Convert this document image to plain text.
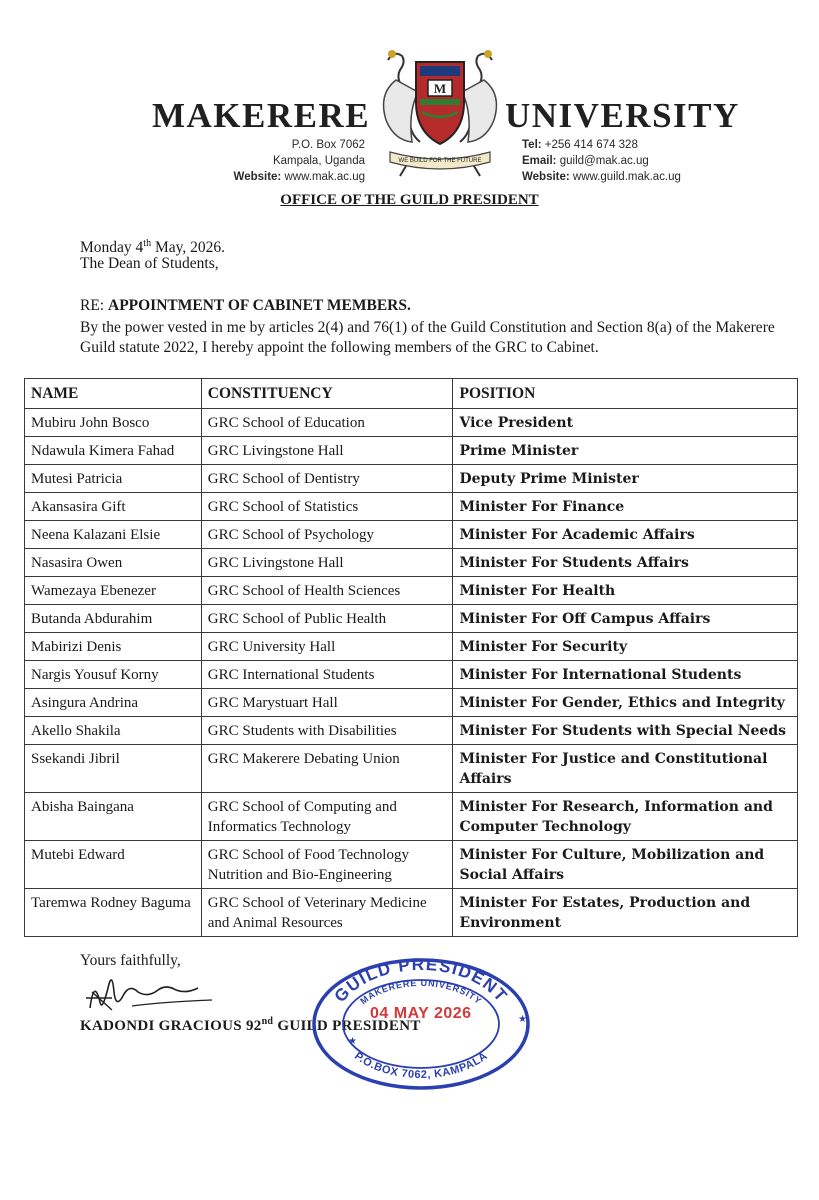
MAKERERE	UNIVERSITY
M
WE BUILD FOR THE FUTURE
P.O. Box 7062
Kampala, Uganda
Website: www.mak.ac.ug
Tel: +256 414 674 328
Email: guild@mak.ac.ug
Website: www.guild.mak.ac.ug
OFFICE OF THE GUILD PRESIDENT
Monday 4th May, 2026.
The Dean of Students,
RE: APPOINTMENT OF CABINET MEMBERS.
By the power vested in me by articles 2(4) and 76(1) of the Guild Constitution and Section 8(a) of the Makerere Guild statute 2022, I hereby appoint the following members of the GRC to Cabinet.
NAME	CONSTITUENCY	POSITION
Mubiru John Bosco	GRC School of Education	Vice President
Ndawula Kimera Fahad	GRC Livingstone Hall	Prime Minister
Mutesi Patricia	GRC School of Dentistry	Deputy Prime Minister
Akansasira Gift	GRC School of Statistics	Minister For Finance
Neena Kalazani Elsie	GRC School of Psychology	Minister For Academic Affairs
Nasasira Owen	GRC Livingstone Hall	Minister For Students Affairs
Wamezaya Ebenezer	GRC School of Health Sciences	Minister For Health
Butanda Abdurahim	GRC School of Public Health	Minister For Off Campus Affairs
Mabirizi Denis	GRC University Hall	Minister For Security
Nargis Yousuf Korny	GRC International Students	Minister For International Students
Asingura Andrina	GRC Marystuart Hall	Minister For Gender, Ethics and Integrity
Akello Shakila	GRC Students with Disabilities	Minister For Students with Special Needs
Ssekandi Jibril	GRC Makerere Debating Union	Minister For Justice and Constitutional Affairs
Abisha Baingana	GRC School of Computing and Informatics Technology	Minister For Research, Information and Computer Technology
Mutebi Edward	GRC School of Food Technology Nutrition and Bio-Engineering	Minister For Culture, Mobilization and Social Affairs
Taremwa Rodney Baguma	GRC School of Veterinary Medicine and Animal Resources	Minister For Estates, Production and Environment
Yours faithfully,
KADONDI GRACIOUS 92nd GUILD PRESIDENT
GUILD PRESIDENT
MAKERERE UNIVERSITY
P.O.BOX 7062, KAMPALA
★
★
04 MAY 2026
